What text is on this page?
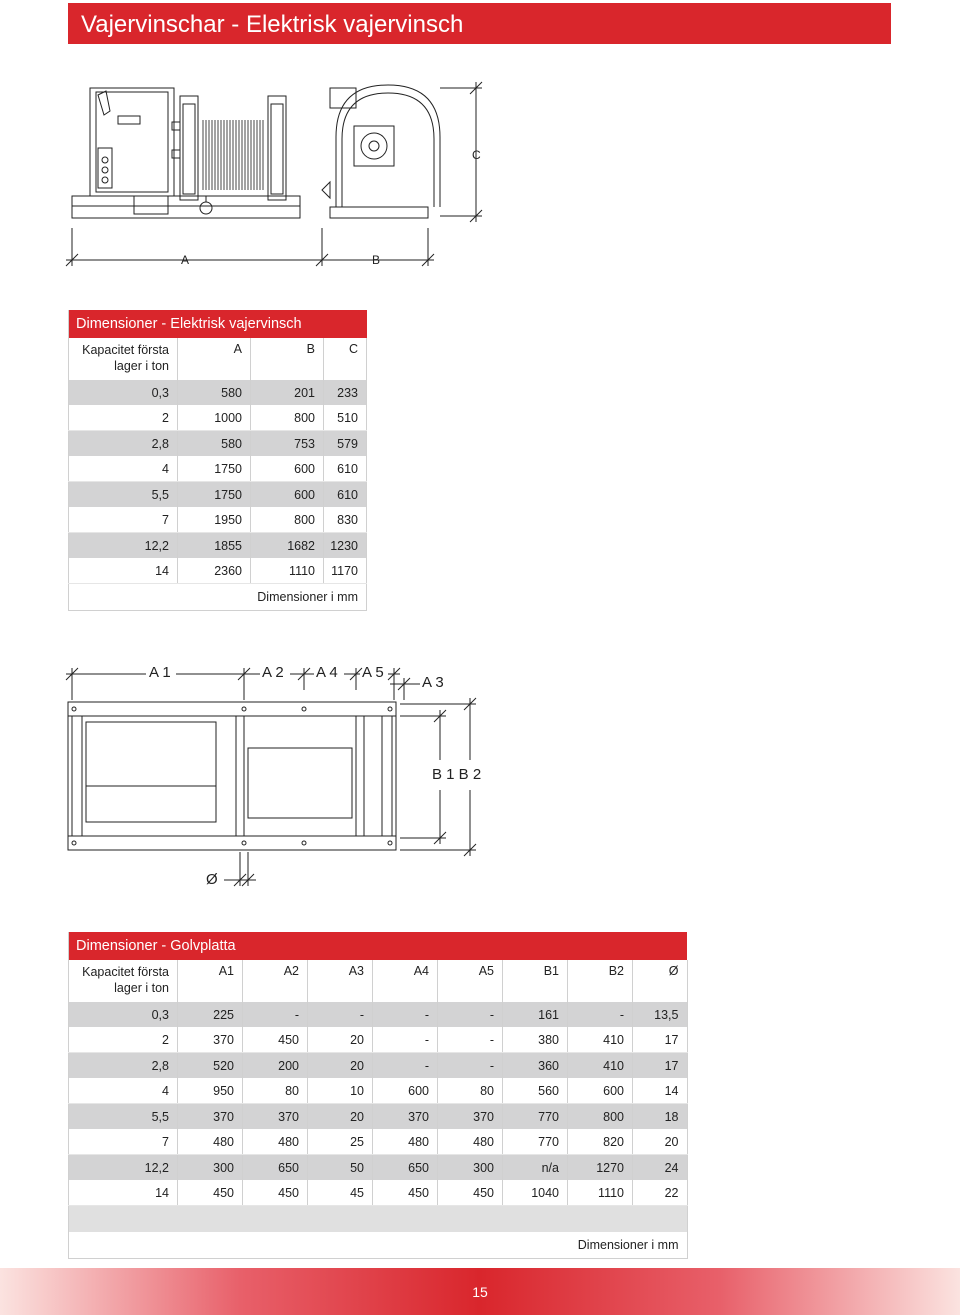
Vajervinschar - Elektrisk vajervinsch
A	B
C
A 1	A 2 A 4 A 5
A 3
B 1 B 2
Ø
Dimensioner - Elektrisk vajervinsch			
Kapacitet första lager i ton	A	B	C
0,3	580	201	233
2	1000	800	510
2,8	580	753	579
4	1750	600	610
5,5	1750	600	610
7	1950	800	830
12,2	1855	1682	1230
14	2360	1110	1170
Dimensioner i mm			
Dimensioner - Golvplatta								

Kapacitet första lager i ton	A1	A2	A3	A4	A5	B1	B2	Ø
0,3	225	-	-	-	-	161	-	13,5
2	370	450	20	-	-	380	410	17
2,8	520	200	20	-	-	360	410	17
4	950	80	10	600	80	560	600	14
5,5	370	370	20	370	370	770	800	18
7	480	480	25	480	480	770	820	20
12,2	300	650	50	650	300	n/a	1270	24
14	450	450	45	450	450	1040	1110	22

Dimensioner i mm								
15
